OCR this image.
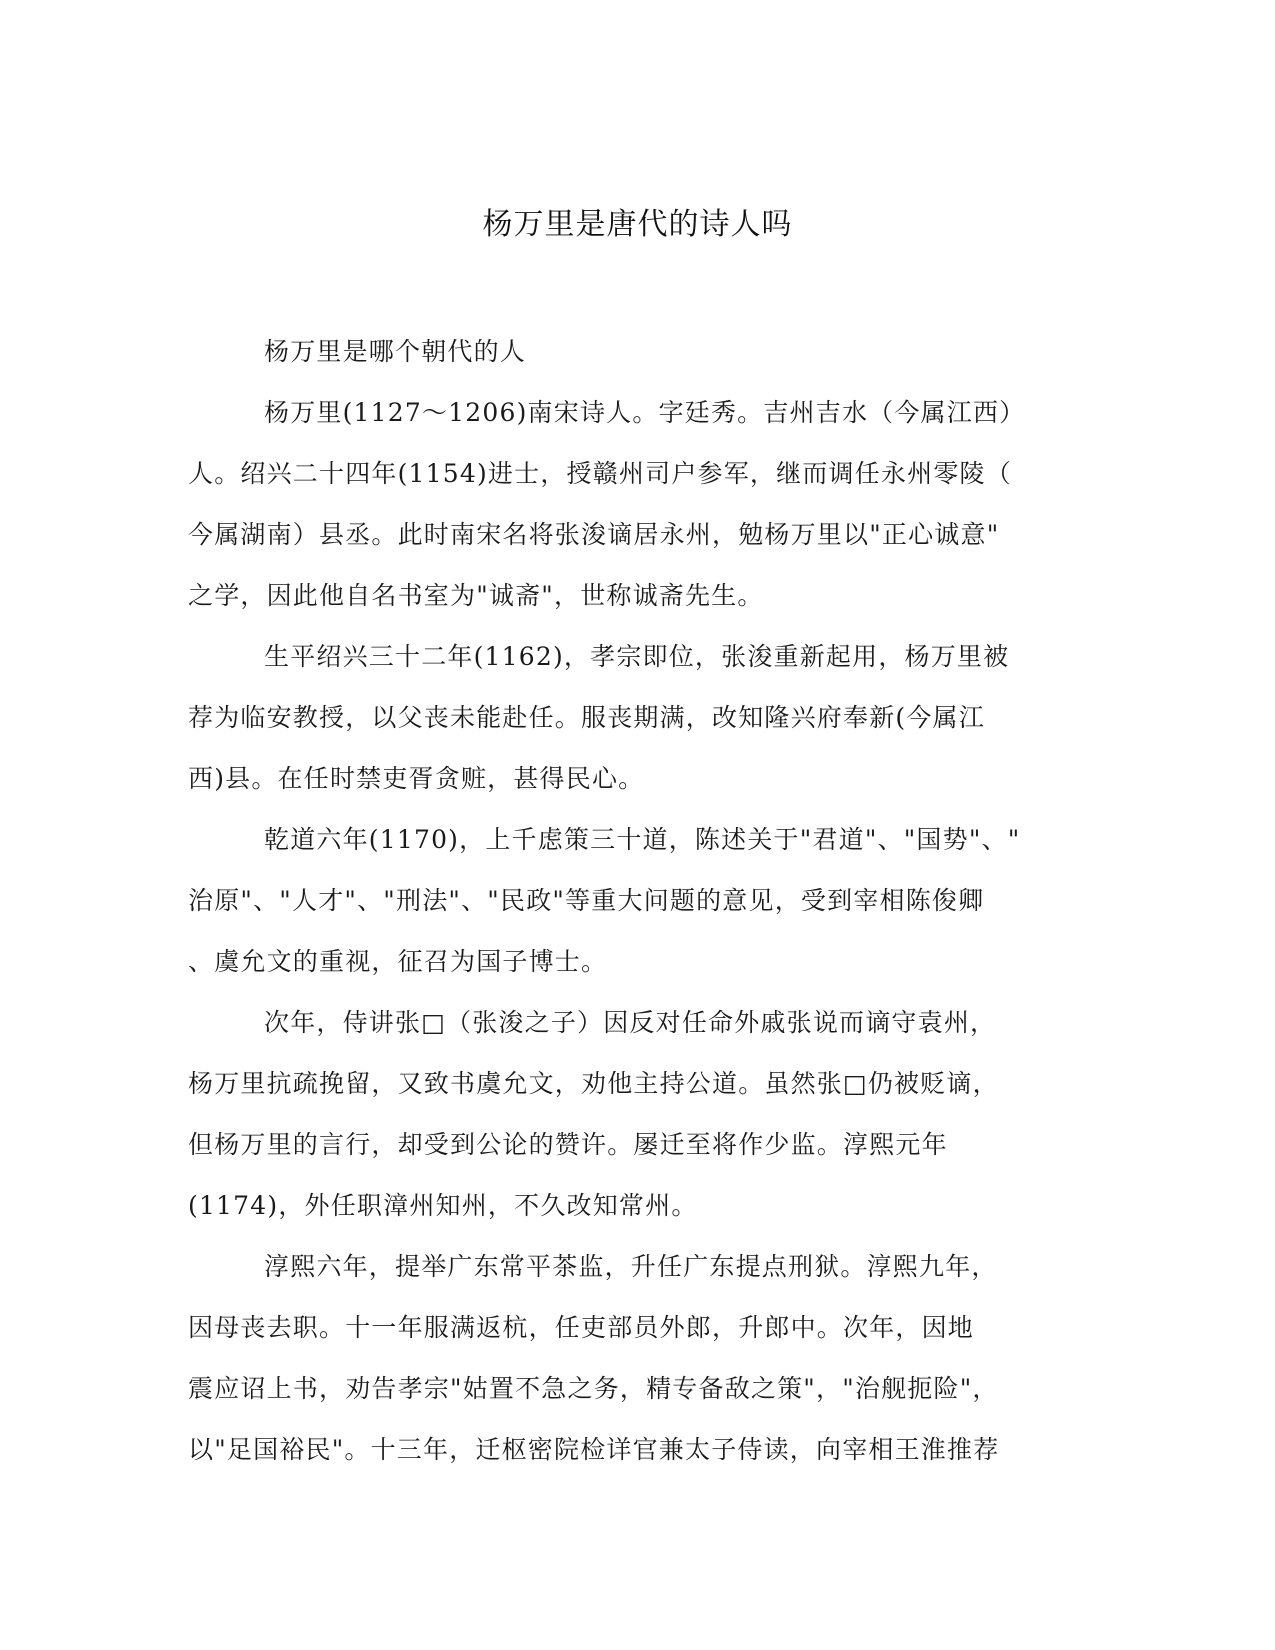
杨万里是唐代的诗人吗
杨万里是哪个朝代的人
杨万里(1127～1206)南宋诗人。字廷秀。吉州吉水（今属江西）
人。绍兴二十四年(1154)进士，授赣州司户参军，继而调任永州零陵（
今属湖南）县丞。此时南宋名将张浚谪居永州，勉杨万里以"正心诚意"
之学，因此他自名书室为"诚斋"，世称诚斋先生。
生平绍兴三十二年(1162)，孝宗即位，张浚重新起用，杨万里被
荐为临安教授，以父丧未能赴任。服丧期满，改知隆兴府奉新(今属江
西)县。在任时禁吏胥贪赃，甚得民心。
乾道六年(1170)，上千虑策三十道，陈述关于"君道"、"国势"、"
治原"、"人才"、"刑法"、"民政"等重大问题的意见，受到宰相陈俊卿
、虞允文的重视，征召为国子博士。
次年，侍讲张□（张浚之子）因反对任命外戚张说而谪守袁州，
杨万里抗疏挽留，又致书虞允文，劝他主持公道。虽然张□仍被贬谪，
但杨万里的言行，却受到公论的赞许。屡迁至将作少监。淳熙元年
(1174)，外任职漳州知州，不久改知常州。
淳熙六年，提举广东常平茶监，升任广东提点刑狱。淳熙九年，
因母丧去职。十一年服满返杭，任吏部员外郎，升郎中。次年，因地
震应诏上书，劝告孝宗"姑置不急之务，精专备敌之策"，"治舰扼险"，
以"足国裕民"。十三年，迁枢密院检详官兼太子侍读，向宰相王淮推荐
